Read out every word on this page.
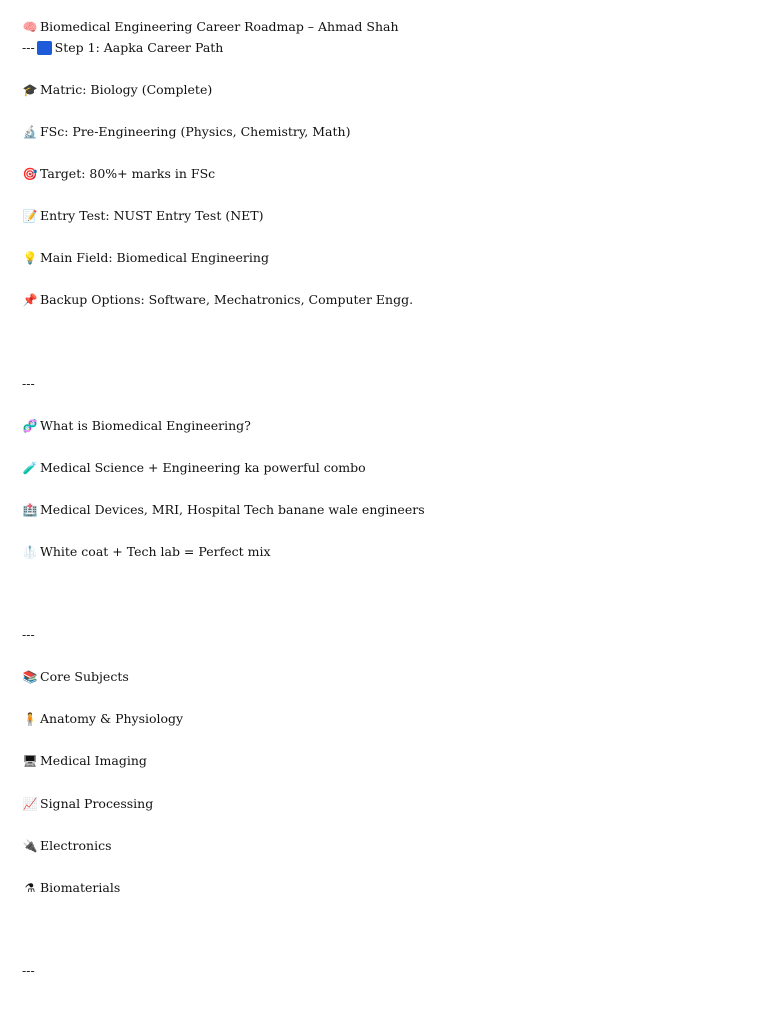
🧠 Biomedical Engineering Career Roadmap – Ahmad Shah
--- Step 1: Aapka Career Path
🎓 Matric: Biology (Complete)
🔬 FSc: Pre-Engineering (Physics, Chemistry, Math)
🎯 Target: 80%+ marks in FSc
📝 Entry Test: NUST Entry Test (NET)
💡 Main Field: Biomedical Engineering
📌 Backup Options: Software, Mechatronics, Computer Engg.
---
🧬 What is Biomedical Engineering?
🧪 Medical Science + Engineering ka powerful combo
🏥 Medical Devices, MRI, Hospital Tech banane wale engineers
🥼 White coat + Tech lab = Perfect mix
---
📚 Core Subjects
🧍 Anatomy & Physiology
🖥 Medical Imaging
📈 Signal Processing
🔌 Electronics
⚗ Biomaterials
---
